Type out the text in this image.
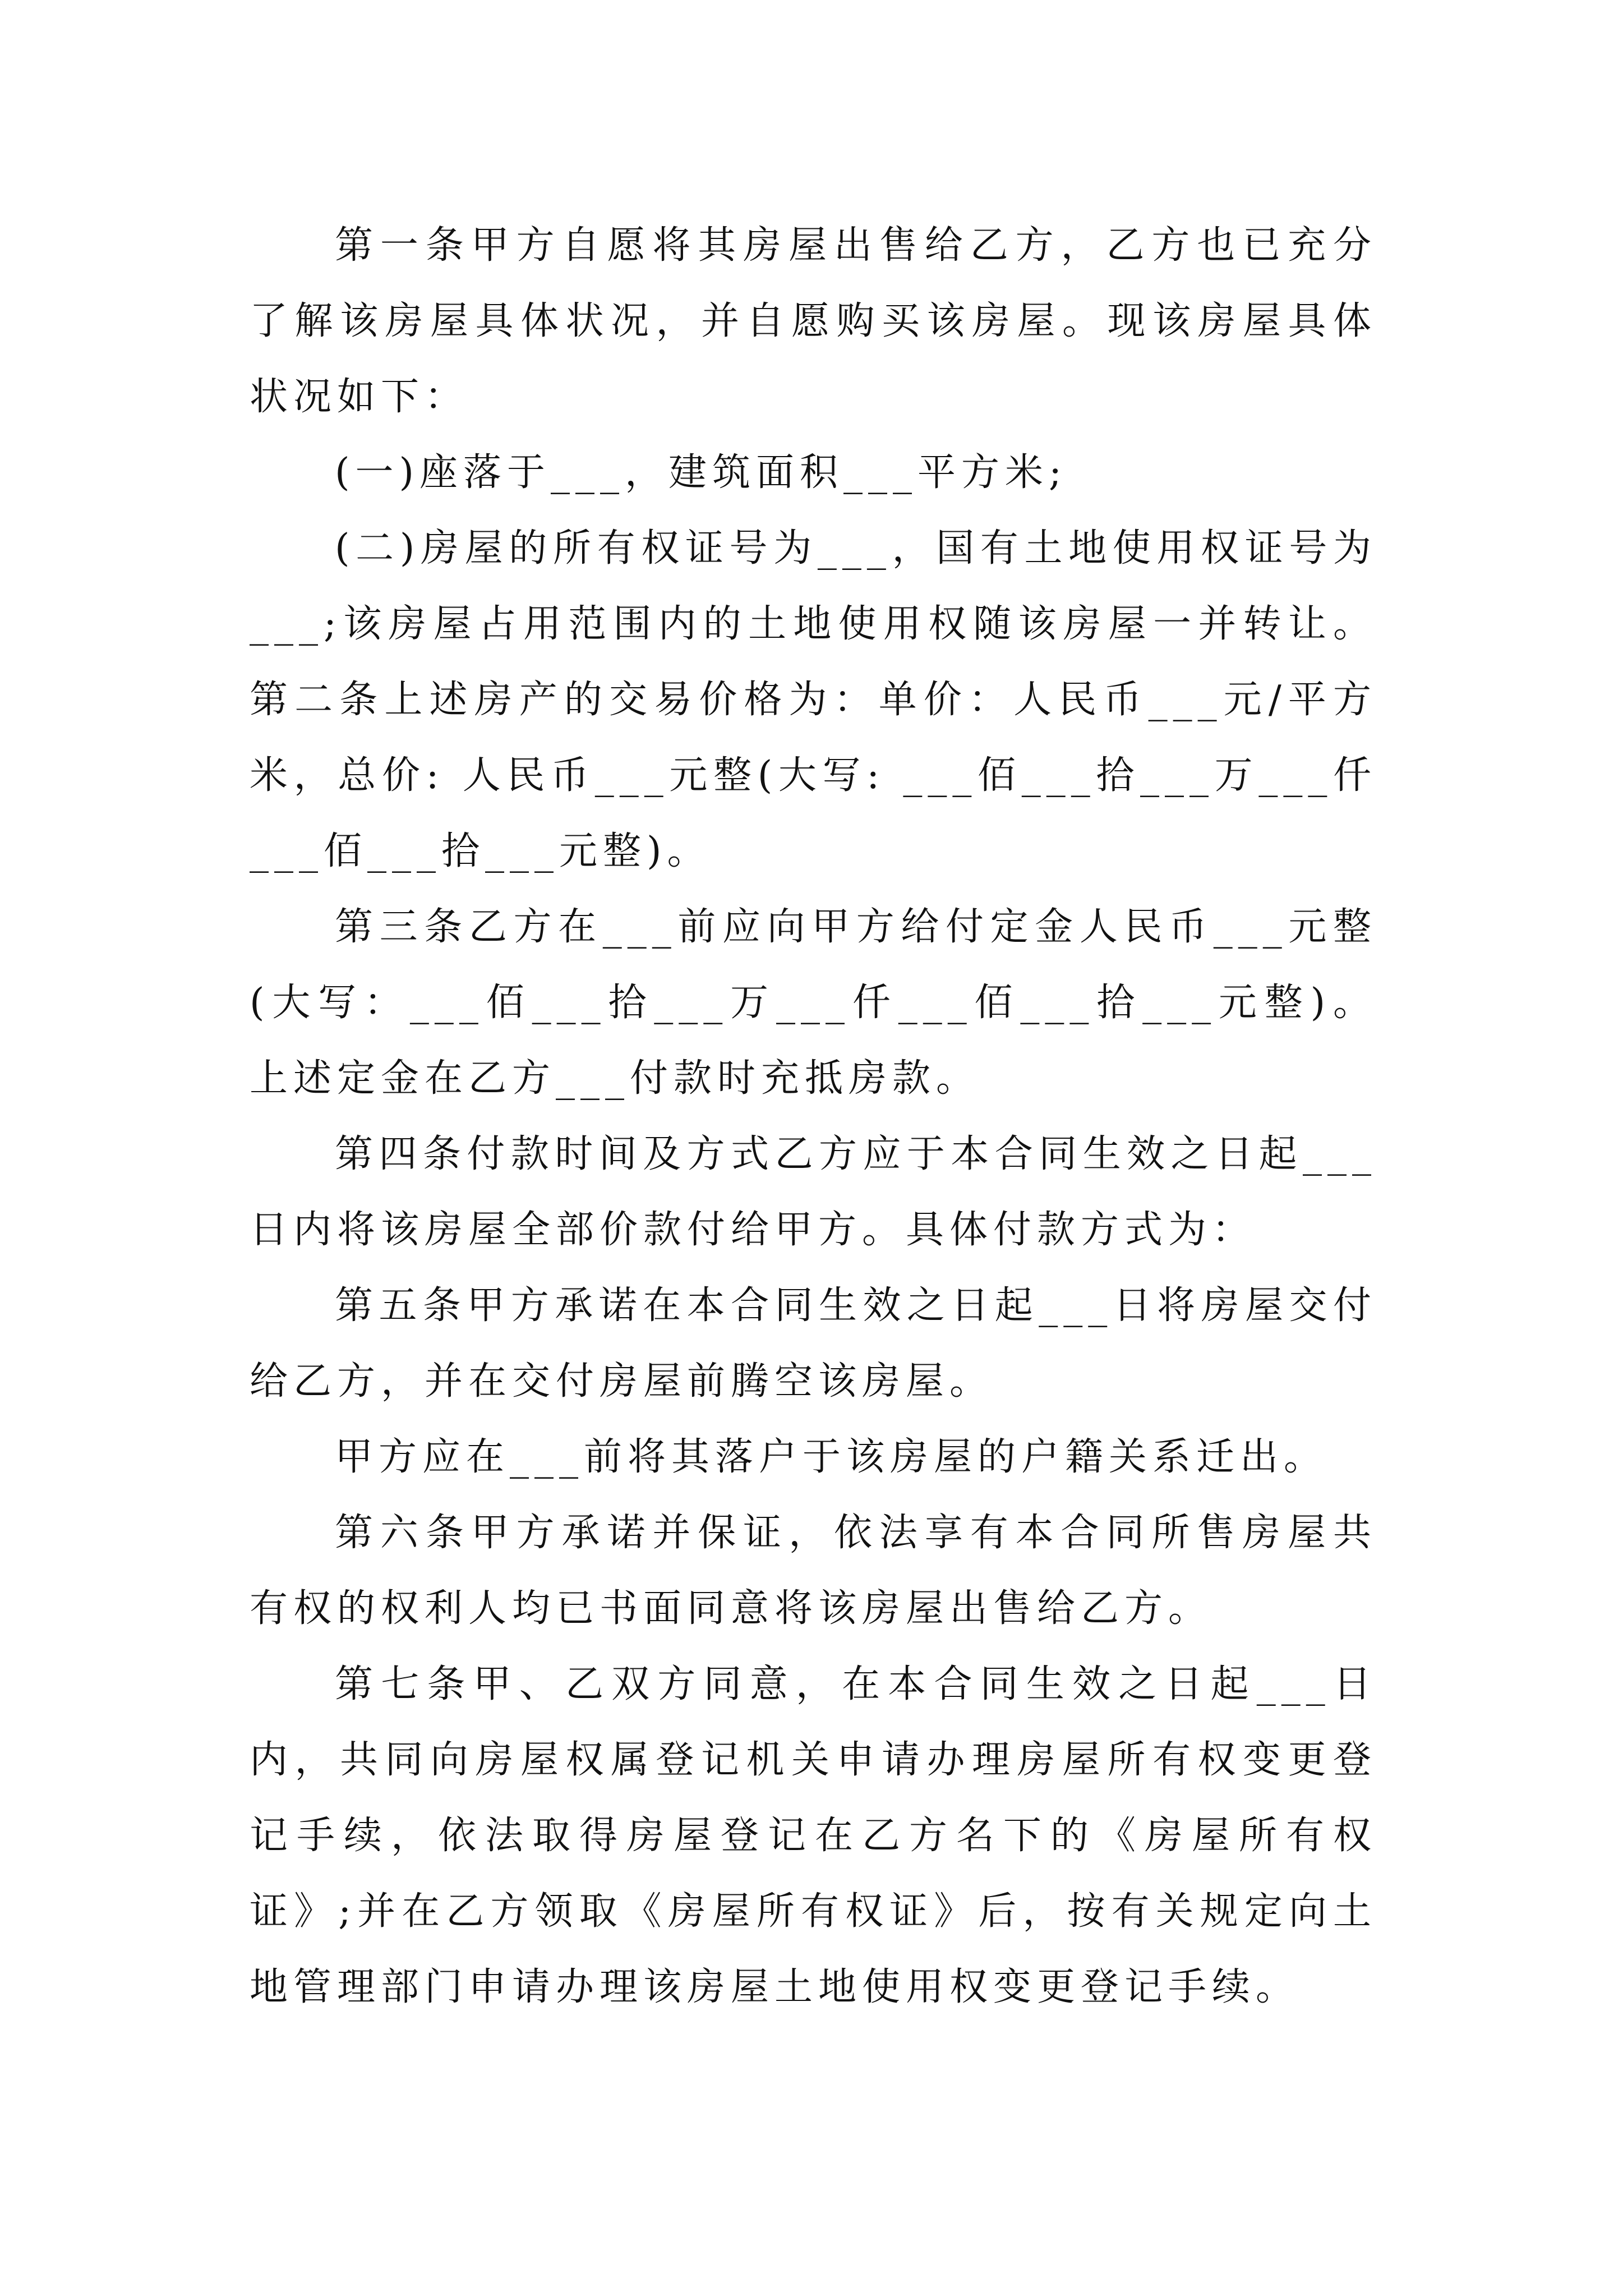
第一条甲方自愿将其房屋出售给乙方，乙方也已充分了解该房屋具体状况，并自愿购买该房屋。现该房屋具体状况如下：

(一)座落于___，建筑面积___平方米;

(二)房屋的所有权证号为___，国有土地使用权证号为___;该房屋占用范围内的土地使用权随该房屋一并转让。第二条上述房产的交易价格为：单价：人民币___元/平方米，总价: 人民币___元整(大写: ___佰___拾___万___仟___佰___拾___元整)。

第三条乙方在___前应向甲方给付定金人民币___元整(大写：___佰___拾___万___仟___佰___拾___元整)。上述定金在乙方___付款时充抵房款。

第四条付款时间及方式乙方应于本合同生效之日起___日内将该房屋全部价款付给甲方。具体付款方式为：

第五条甲方承诺在本合同生效之日起___日将房屋交付给乙方，并在交付房屋前腾空该房屋。

甲方应在___前将其落户于该房屋的户籍关系迁出。

第六条甲方承诺并保证，依法享有本合同所售房屋共有权的权利人均已书面同意将该房屋出售给乙方。

第七条甲、乙双方同意，在本合同生效之日起___日内，共同向房屋权属登记机关申请办理房屋所有权变更登记手续，依法取得房屋登记在乙方名下的《房屋所有权证》;并在乙方领取《房屋所有权证》后，按有关规定向土地管理部门申请办理该房屋土地使用权变更登记手续。
